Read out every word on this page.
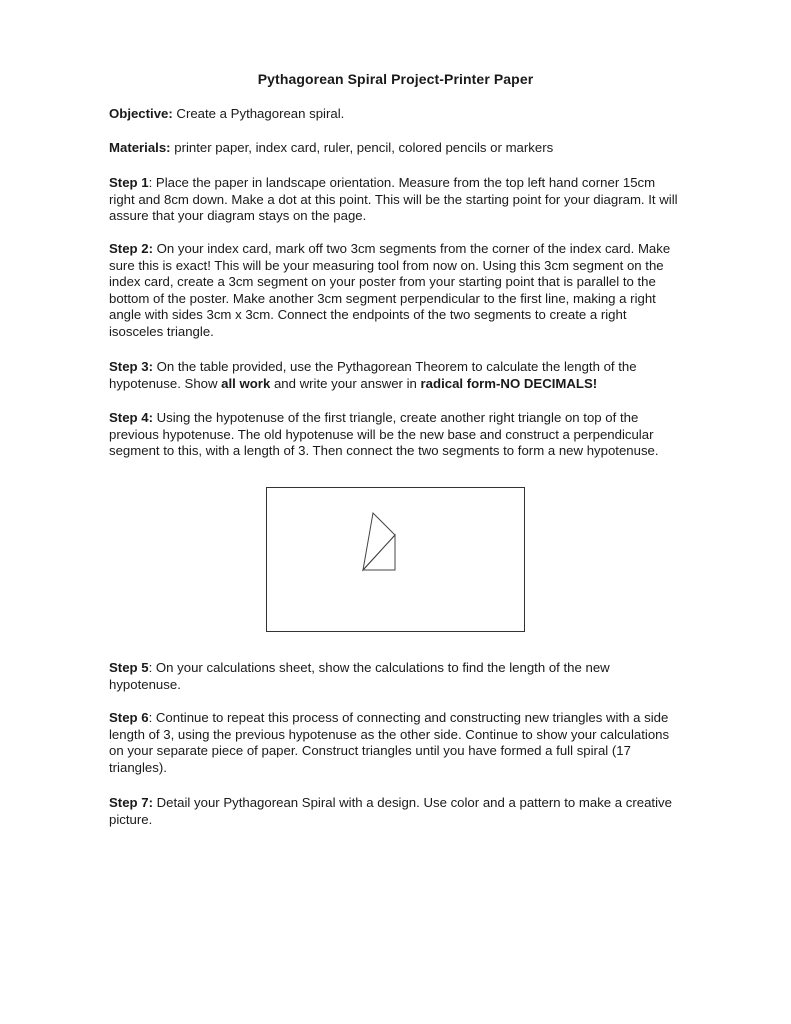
Pythagorean Spiral Project-Printer Paper
Objective: Create a Pythagorean spiral.
Materials: printer paper, index card, ruler, pencil, colored pencils or markers
Step 1: Place the paper in landscape orientation. Measure from the top left hand corner 15cm right and 8cm down. Make a dot at this point. This will be the starting point for your diagram. It will assure that your diagram stays on the page.
Step 2: On your index card, mark off two 3cm segments from the corner of the index card. Make sure this is exact! This will be your measuring tool from now on. Using this 3cm segment on the index card, create a 3cm segment on your poster from your starting point that is parallel to the bottom of the poster. Make another 3cm segment perpendicular to the first line, making a right angle with sides 3cm x 3cm. Connect the endpoints of the two segments to create a right isosceles triangle.
Step 3: On the table provided, use the Pythagorean Theorem to calculate the length of the hypotenuse. Show all work and write your answer in radical form-NO DECIMALS!
Step 4: Using the hypotenuse of the first triangle, create another right triangle on top of the previous hypotenuse. The old hypotenuse will be the new base and construct a perpendicular segment to this, with a length of 3. Then connect the two segments to form a new hypotenuse.
Step 5: On your calculations sheet, show the calculations to find the length of the new hypotenuse.
Step 6: Continue to repeat this process of connecting and constructing new triangles with a side length of 3, using the previous hypotenuse as the other side. Continue to show your calculations on your separate piece of paper. Construct triangles until you have formed a full spiral (17 triangles).
Step 7: Detail your Pythagorean Spiral with a design. Use color and a pattern to make a creative picture.
